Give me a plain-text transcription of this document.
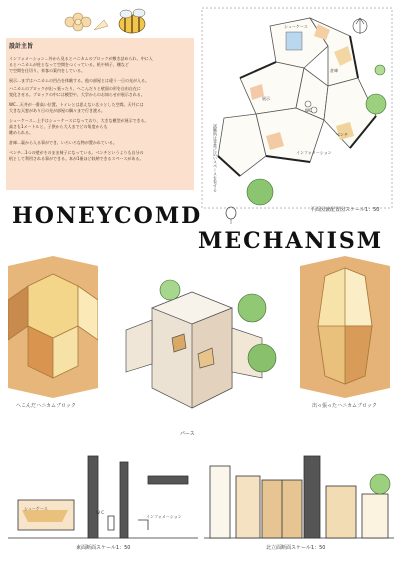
設計主旨
インフォメーション…外から見るとハニカムのブロックが敷き詰められ、中に入
るとハニカムが柱となって空間をつくっている。机や椅子、棚など
で空間を仕切り、来客の案内をしている。
展示…まずはハニカムの凹凸を体験する。他の部屋とは違う一日の光が入る。
ハニカムのブロックが出っ張ったり、へこんだりと壁面の形を自由自在に
変化させる。ブロックの中には模型や、大学からのお知らせが展示される。
WC…天井が一番高い位置。トイレとは思えない広々とした空間。天井には
大きな天窓があり日の光が部屋の隅々まで行き渡る。
シューケース…上手はシューケースになっており、大きな模型が展示できる。
高さも1メートルと、子供から大人までどの角度からも
眺められる。
倉庫…裏から入る事ができ、いろいろな物が置かれている。
ベンチ…1つの壁がそのまま椅子になっている。ベンチというよりも自分の
机として利用される事ができる。本が1冊ほど収納できるスペースがある。
シューケース
倉庫
展示
WC
ベンチ
インフォメーション
試験所は非常に広いスペースを有する
平面図兼配置図スケール1：50
HONEYCOMD
MECHANISM
へこんだハニカムブロック
パース
出っ張ったハニカムブロック
シューケース
W C
インフォメーション
東面断面スケール1：50	北立面断面スケール1：50
